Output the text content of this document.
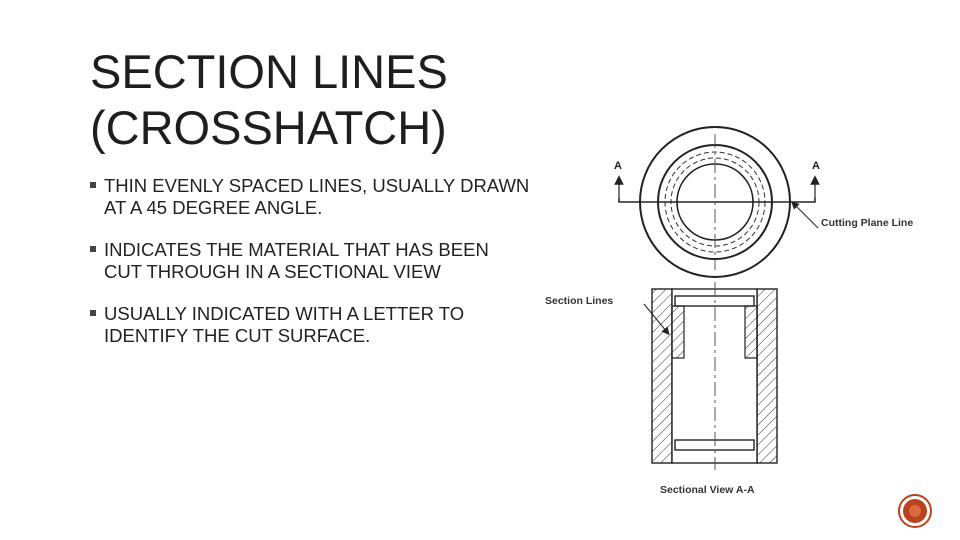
SECTION LINES
(CROSSHATCH)
THIN EVENLY SPACED LINES, USUALLY DRAWN AT A 45 DEGREE ANGLE.
INDICATES THE MATERIAL THAT HAS BEEN CUT THROUGH IN A SECTIONAL VIEW
USUALLY INDICATED WITH A LETTER TO IDENTIFY THE CUT SURFACE.
A	A
Cutting Plane Line
Section Lines
Sectional View A-A
